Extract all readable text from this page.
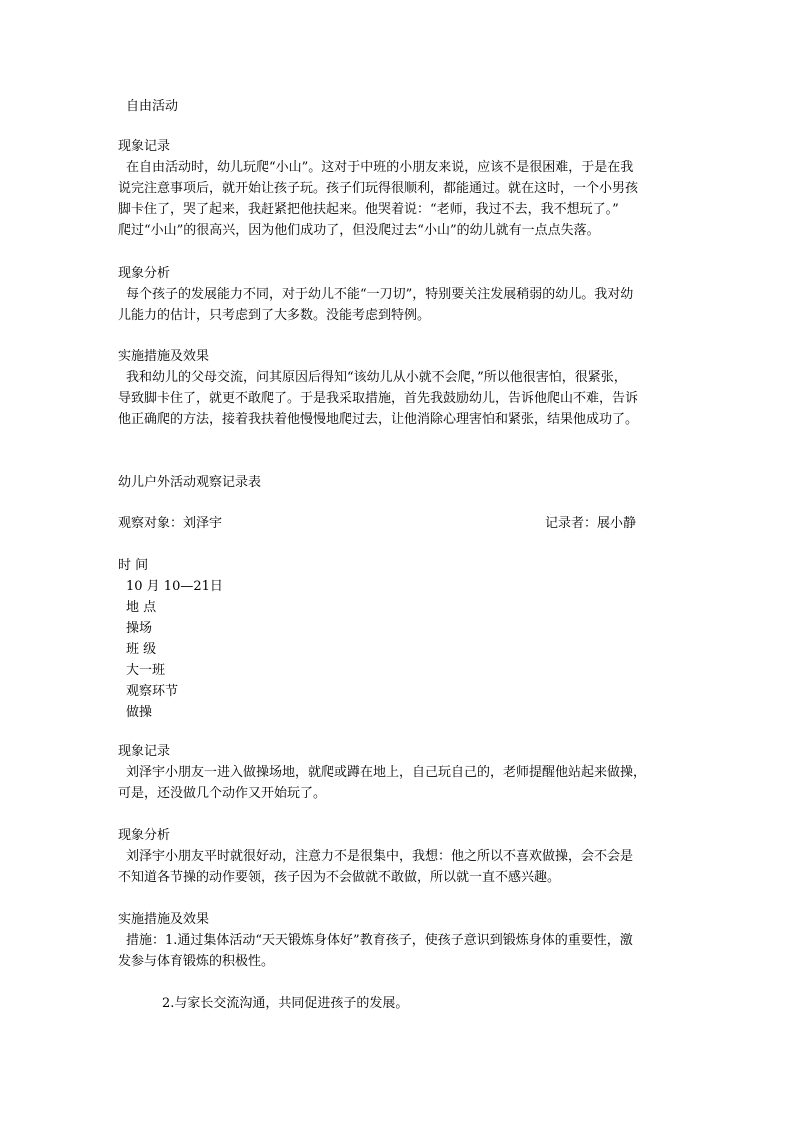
自由活动

现象记录

在自由活动时，幼儿玩爬“小山”。这对于中班的小朋友来说，应该不是很困难，于是在我

说完注意事项后，就开始让孩子玩。孩子们玩得很顺利，都能通过。就在这时，一个小男孩

脚卡住了，哭了起来，我赶紧把他扶起来。他哭着说：“老师，我过不去，我不想玩了。”

爬过“小山”的很高兴，因为他们成功了，但没爬过去“小山”的幼儿就有一点点失落。

现象分析

每个孩子的发展能力不同，对于幼儿不能“一刀切”，特别要关注发展稍弱的幼儿。我对幼

儿能力的估计，只考虑到了大多数。没能考虑到特例。

实施措施及效果

我和幼儿的父母交流，问其原因后得知“该幼儿从小就不会爬，”所以他很害怕，很紧张，

导致脚卡住了，就更不敢爬了。于是我采取措施，首先我鼓励幼儿，告诉他爬山不难，告诉

他正确爬的方法，接着我扶着他慢慢地爬过去，让他消除心理害怕和紧张，结果他成功了。

幼儿户外活动观察记录表

观察对象：刘泽宇	记录者：展小静

时 间

10 月 10—21日

地 点

操场

班 级

大一班

观察环节

做操

现象记录

刘泽宇小朋友一进入做操场地，就爬或蹲在地上，自己玩自己的，老师提醒他站起来做操，

可是，还没做几个动作又开始玩了。

现象分析

刘泽宇小朋友平时就很好动，注意力不是很集中，我想：他之所以不喜欢做操，会不会是

不知道各节操的动作要领，孩子因为不会做就不敢做，所以就一直不感兴趣。

实施措施及效果

措施：1.通过集体活动“天天锻炼身体好”教育孩子，使孩子意识到锻炼身体的重要性，激

发参与体育锻炼的积极性。

2.与家长交流沟通，共同促进孩子的发展。
